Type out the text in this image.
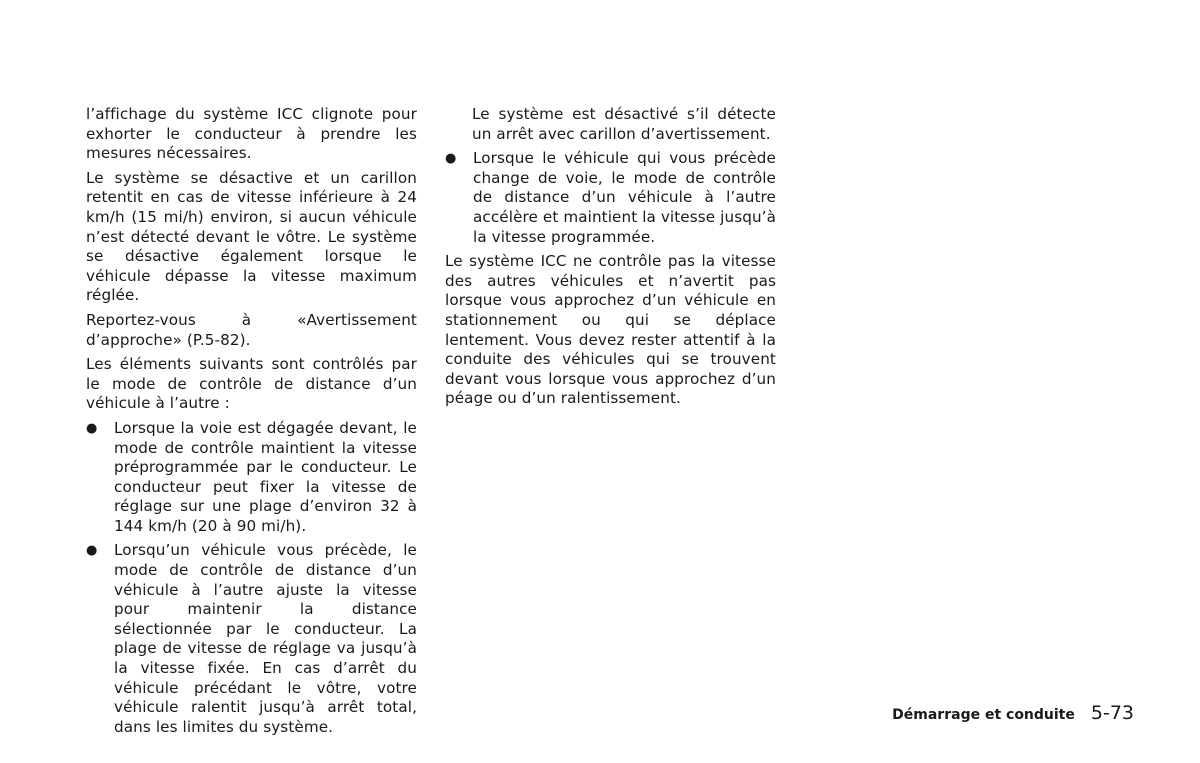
l’affichage du système ICC clignote pour exhorter le conducteur à prendre les mesures nécessaires.

Le système se désactive et un carillon retentit en cas de vitesse inférieure à 24 km/h (15 mi/h) environ, si aucun véhicule n’est détecté devant le vôtre. Le système se désactive également lorsque le véhicule dépasse la vitesse maximum réglée.

Reportez-vous à «Avertissement d’approche» (P.5-82).

Les éléments suivants sont contrôlés par le mode de contrôle de distance d’un véhicule à l’autre :

● Lorsque la voie est dégagée devant, le mode de contrôle maintient la vitesse préprogrammée par le conducteur. Le conducteur peut fixer la vitesse de réglage sur une plage d’environ 32 à 144 km/h (20 à 90 mi/h).
● Lorsqu’un véhicule vous précède, le mode de contrôle de distance d’un véhicule à l’autre ajuste la vitesse pour maintenir la distance sélectionnée par le conducteur. La plage de vitesse de réglage va jusqu’à la vitesse fixée. En cas d’arrêt du véhicule précédant le vôtre, votre véhicule ralentit jusqu’à arrêt total, dans les limites du système.

Le système est désactivé s’il détecte un arrêt avec carillon d’avertissement.

● Lorsque le véhicule qui vous précède change de voie, le mode de contrôle de distance d’un véhicule à l’autre accélère et maintient la vitesse jusqu’à la vitesse programmée.

Le système ICC ne contrôle pas la vitesse des autres véhicules et n’avertit pas lorsque vous approchez d’un véhicule en stationnement ou qui se déplace lentement. Vous devez rester attentif à la conduite des véhicules qui se trouvent devant vous lorsque vous approchez d’un péage ou d’un ralentissement.

Démarrage et conduite 5-73
